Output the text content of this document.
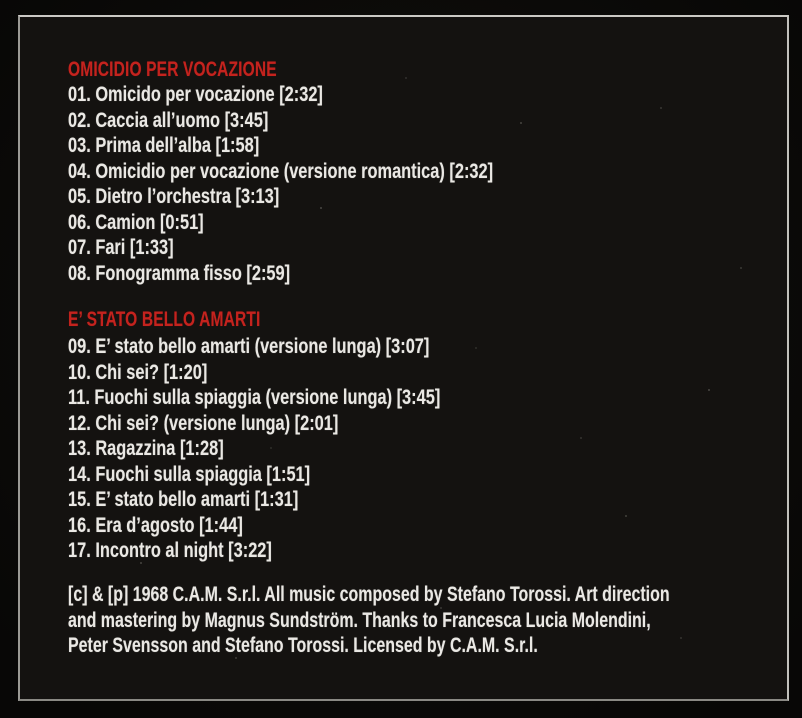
OMICIDIO PER VOCAZIONE
01. Omicido per vocazione [2:32]
02. Caccia all’uomo [3:45]
03. Prima dell’alba [1:58]
04. Omicidio per vocazione (versione romantica) [2:32]
05. Dietro l’orchestra [3:13]
06. Camion [0:51]
07. Fari [1:33]
08. Fonogramma fisso [2:59]
E’ STATO BELLO AMARTI
09. E’ stato bello amarti (versione lunga) [3:07]
10. Chi sei? [1:20]
11. Fuochi sulla spiaggia (versione lunga) [3:45]
12. Chi sei? (versione lunga) [2:01]
13. Ragazzina [1:28]
14. Fuochi sulla spiaggia [1:51]
15. E’ stato bello amarti [1:31]
16. Era d’agosto [1:44]
17. Incontro al night [3:22]
[c] & [p] 1968 C.A.M. S.r.l. All music composed by Stefano Torossi. Art direction
and mastering by Magnus Sundström. Thanks to Francesca Lucia Molendini,
Peter Svensson and Stefano Torossi. Licensed by C.A.M. S.r.l.
